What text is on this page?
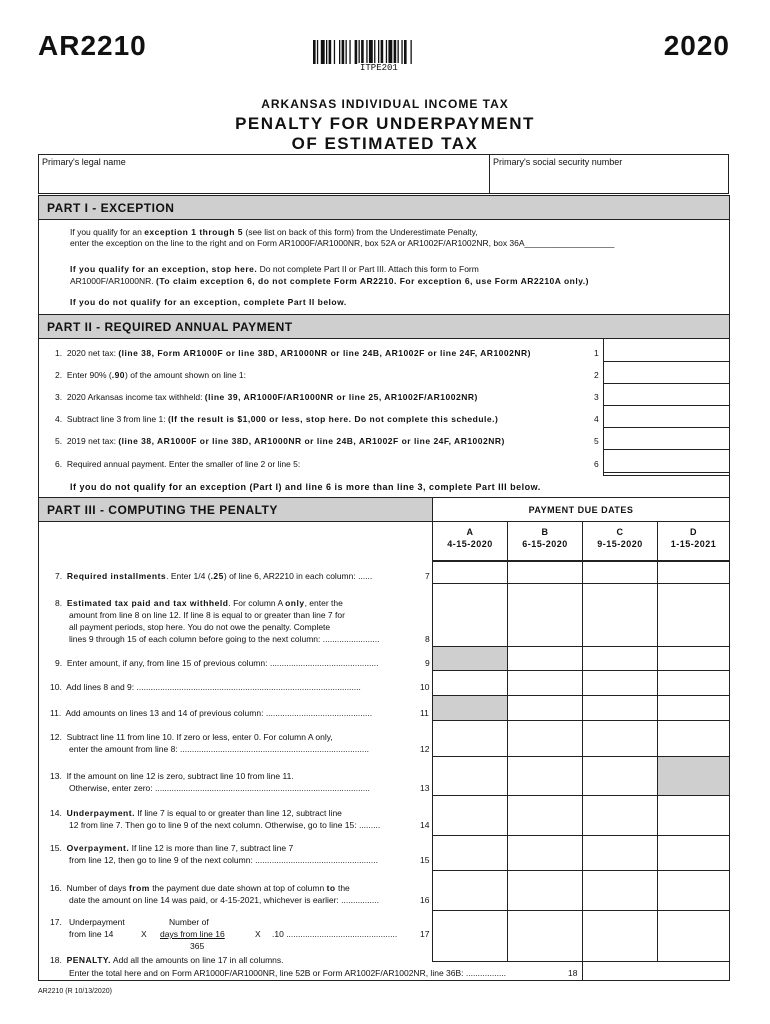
AR2210	2020
ITPE201
ARKANSAS INDIVIDUAL INCOME TAX
PENALTY FOR UNDERPAYMENT
OF ESTIMATED TAX
Primary's legal name	Primary's social security number
PART I - EXCEPTION
If you qualify for an exception 1 through 5 (see list on back of this form) from the Underestimate Penalty,
enter the exception on the line to the right and on Form AR1000F/AR1000NR, box 52A or AR1002F/AR1002NR, box 36A___________________
If you qualify for an exception, stop here. Do not complete Part II or Part III. Attach this form to Form
AR1000F/AR1000NR. (To claim exception 6, do not complete Form AR2210. For exception 6, use Form AR2210A only.)
If you do not qualify for an exception, complete Part II below.
PART II - REQUIRED ANNUAL PAYMENT
1. 2020 net tax: (line 38, Form AR1000F or line 38D, AR1000NR or line 24B, AR1002F or line 24F, AR1002NR)	1
2. Enter 90% (.90) of the amount shown on line 1:	2
3. 2020 Arkansas income tax withheld: (line 39, AR1000F/AR1000NR or line 25, AR1002F/AR1002NR)	3
4. Subtract line 3 from line 1: (If the result is $1,000 or less, stop here. Do not complete this schedule.)	4
5. 2019 net tax: (line 38, AR1000F or line 38D, AR1000NR or line 24B, AR1002F or line 24F, AR1002NR)	5
6. Required annual payment. Enter the smaller of line 2 or line 5:	6
If you do not qualify for an exception (Part I) and line 6 is more than line 3, complete Part III below.
PART III - COMPUTING THE PENALTY	PAYMENT DUE DATES
A
4-15-2020
B
6-15-2020
C
9-15-2020
D
1-15-2021
7. Required installments. Enter 1/4 (.25) of line 6, AR2210 in each column: ......	7
8. Estimated tax paid and tax withheld. For column A only, enter the
amount from line 8 on line 12. If line 8 is equal to or greater than line 7 for
all payment periods, stop here. You do not owe the penalty. Complete
lines 9 through 15 of each column before going to the next column: ........................	8
9. Enter amount, if any, from line 15 of previous column: ..............................................	9
10. Add lines 8 and 9: ...............................................................................................	10
11. Add amounts on lines 13 and 14 of previous column: .............................................	11
12. Subtract line 11 from line 10. If zero or less, enter 0. For column A only,
enter the amount from line 8: ................................................................................	12
13. If the amount on line 12 is zero, subtract line 10 from line 11.
Otherwise, enter zero: ...........................................................................................	13
14. Underpayment. If line 7 is equal to or greater than line 12, subtract line
12 from line 7. Then go to line 9 of the next column. Otherwise, go to line 15: .........	14
15. Overpayment. If line 12 is more than line 7, subtract line 7
from line 12, then go to line 9 of the next column: ....................................................	15
16. Number of days from the payment due date shown at top of column to the
date the amount on line 14 was paid, or 4-15-2021, whichever is earlier: ................	16
17. Underpayment
from line 14	X
Number of
days from line 16
365
X .10 ...............................................	17
18. PENALTY. Add all the amounts on line 17 in all columns.
Enter the total here and on Form AR1000F/AR1000NR, line 52B or Form AR1002F/AR1002NR, line 36B: .................	18
AR2210 (R 10/13/2020)
